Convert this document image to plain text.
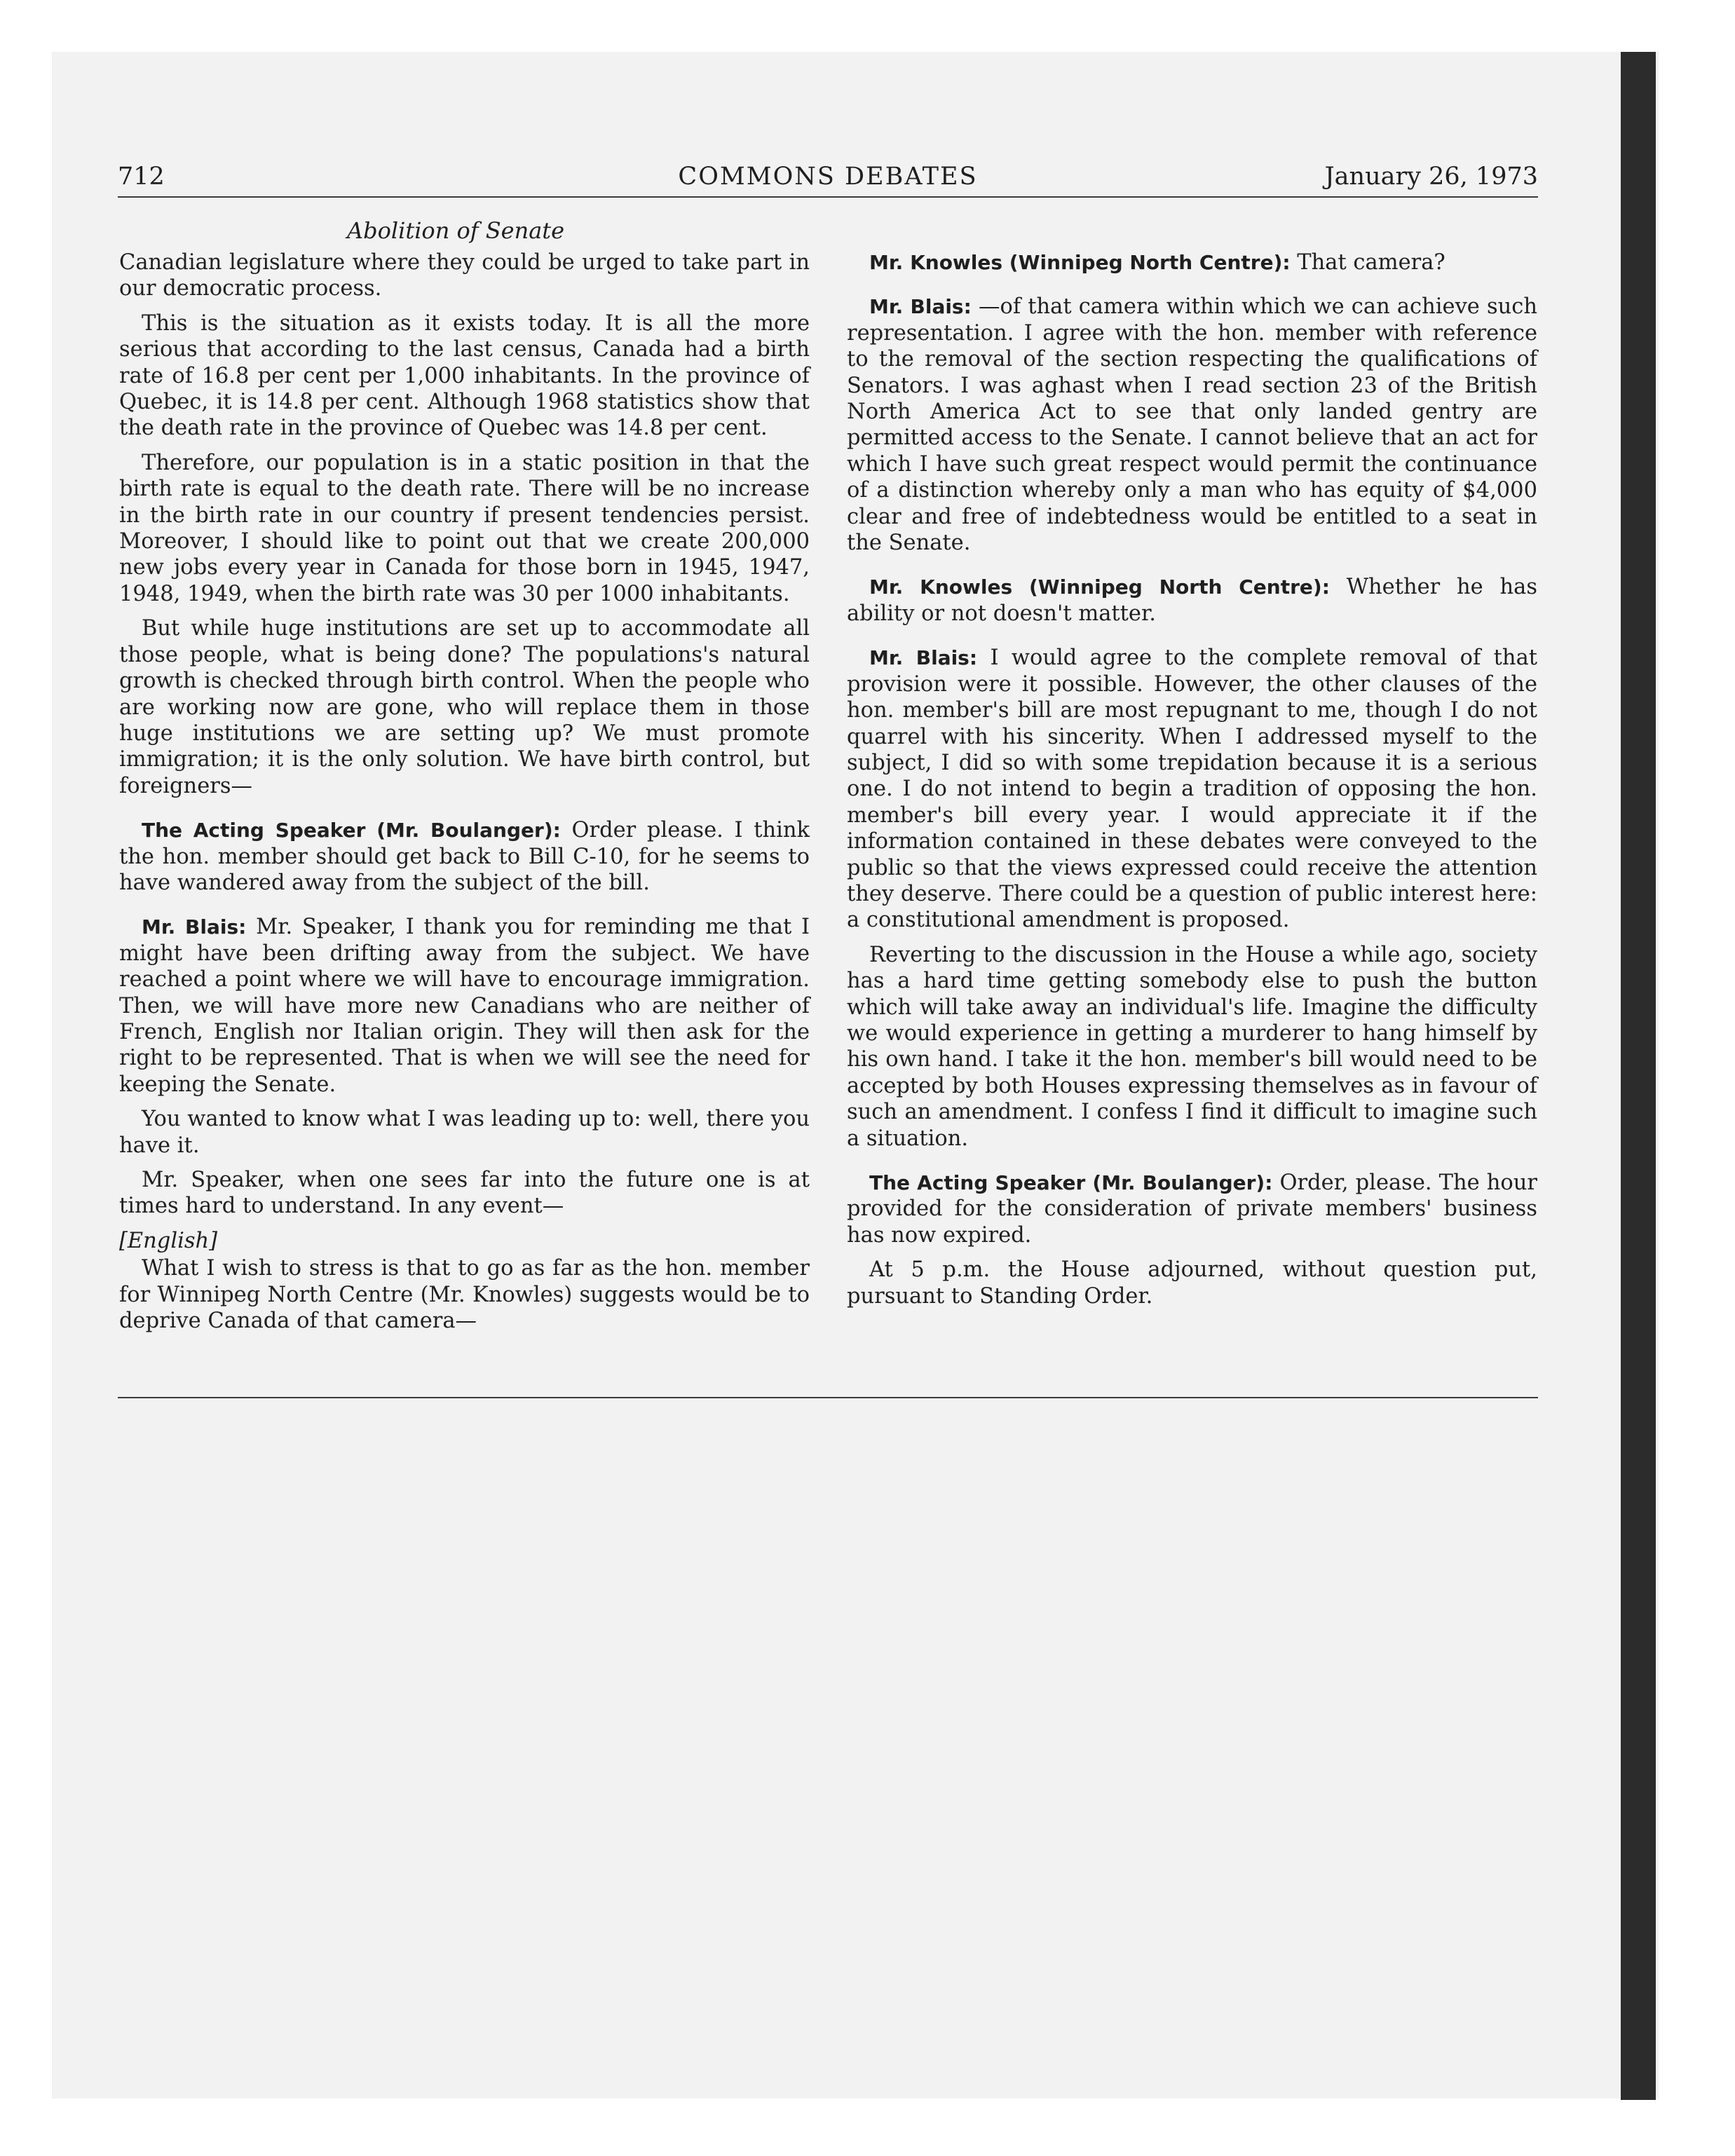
712	COMMONS DEBATES	January 26, 1973
Abolition of Senate

Canadian legislature where they could be urged to take part in our democratic process.

This is the situation as it exists today. It is all the more serious that according to the last census, Canada had a birth rate of 16.8 per cent per 1,000 inhabitants. In the province of Quebec, it is 14.8 per cent. Although 1968 statistics show that the death rate in the province of Quebec was 14.8 per cent.

Therefore, our population is in a static position in that the birth rate is equal to the death rate. There will be no increase in the birth rate in our country if present tendencies persist. Moreover, I should like to point out that we create 200,000 new jobs every year in Canada for those born in 1945, 1947, 1948, 1949, when the birth rate was 30 per 1000 inhabitants.

But while huge institutions are set up to accommodate all those people, what is being done? The populations's natural growth is checked through birth control. When the people who are working now are gone, who will replace them in those huge institutions we are setting up? We must promote immigration; it is the only solution. We have birth control, but foreigners—

The Acting Speaker (Mr. Boulanger): Order please. I think the hon. member should get back to Bill C-10, for he seems to have wandered away from the subject of the bill.

Mr. Blais: Mr. Speaker, I thank you for reminding me that I might have been drifting away from the subject. We have reached a point where we will have to encourage immigration. Then, we will have more new Canadians who are neither of French, English nor Italian origin. They will then ask for the right to be represented. That is when we will see the need for keeping the Senate.

You wanted to know what I was leading up to: well, there you have it.

Mr. Speaker, when one sees far into the future one is at times hard to understand. In any event—

[English]

What I wish to stress is that to go as far as the hon. member for Winnipeg North Centre (Mr. Knowles) suggests would be to deprive Canada of that camera—

Mr. Knowles (Winnipeg North Centre): That camera?

Mr. Blais: —of that camera within which we can achieve such representation. I agree with the hon. member with reference to the removal of the section respecting the qualifications of Senators. I was aghast when I read section 23 of the British North America Act to see that only landed gentry are permitted access to the Senate. I cannot believe that an act for which I have such great respect would permit the continuance of a distinction whereby only a man who has equity of $4,000 clear and free of indebtedness would be entitled to a seat in the Senate.

Mr. Knowles (Winnipeg North Centre): Whether he has ability or not doesn't matter.

Mr. Blais: I would agree to the complete removal of that provision were it possible. However, the other clauses of the hon. member's bill are most repugnant to me, though I do not quarrel with his sincerity. When I addressed myself to the subject, I did so with some trepidation because it is a serious one. I do not intend to begin a tradition of opposing the hon. member's bill every year. I would appreciate it if the information contained in these debates were conveyed to the public so that the views expressed could receive the attention they deserve. There could be a question of public interest here: a constitutional amendment is proposed.

Reverting to the discussion in the House a while ago, society has a hard time getting somebody else to push the button which will take away an individual's life. Imagine the difficulty we would experience in getting a murderer to hang himself by his own hand. I take it the hon. member's bill would need to be accepted by both Houses expressing themselves as in favour of such an amendment. I confess I find it difficult to imagine such a situation.

The Acting Speaker (Mr. Boulanger): Order, please. The hour provided for the consideration of private members' business has now expired.

At 5 p.m. the House adjourned, without question put, pursuant to Standing Order.
